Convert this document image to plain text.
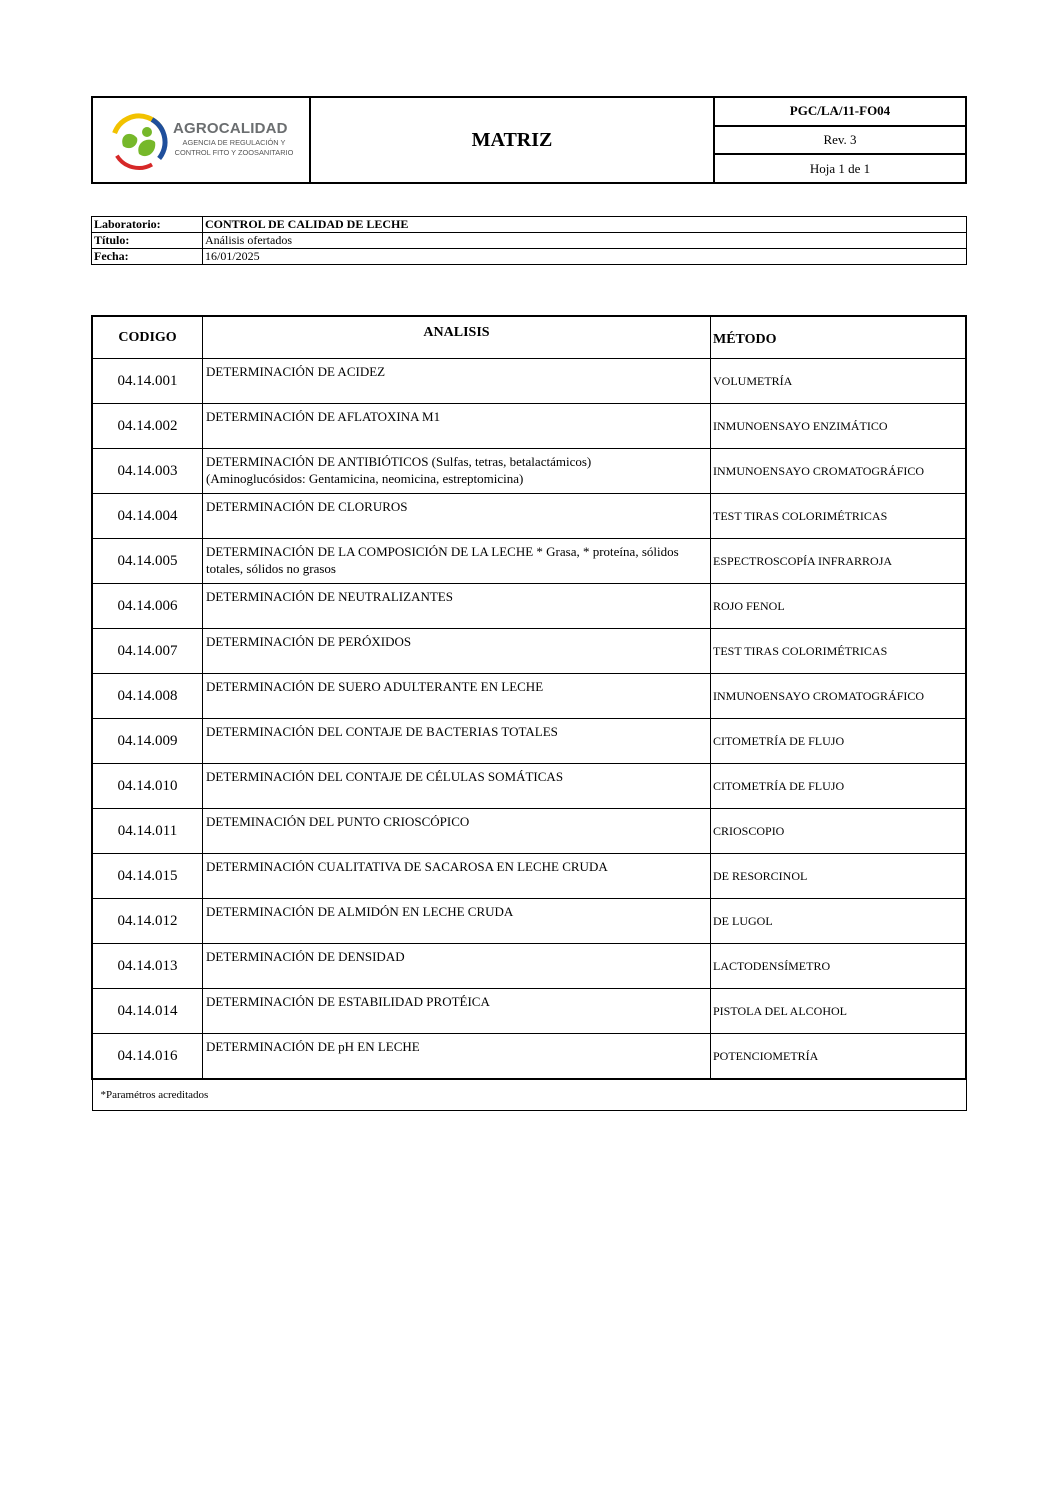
AGROCALIDAD
AGENCIA DE REGULACIÓN Y
CONTROL FITO Y ZOOSANITARIO
MATRIZ
PGC/LA/11-FO04
Rev. 3
Hoja 1 de 1
Laboratorio:	CONTROL DE CALIDAD DE LECHE
Título:	Análisis ofertados
Fecha:	16/01/2025
CODIGO	ANALISIS	MÉTODO
04.14.001	DETERMINACIÓN DE ACIDEZ	VOLUMETRÍA
04.14.002	DETERMINACIÓN DE AFLATOXINA M1	INMUNOENSAYO ENZIMÁTICO
04.14.003	DETERMINACIÓN DE ANTIBIÓTICOS (Sulfas, tetras, betalactámicos)
(Aminoglucósidos: Gentamicina, neomicina, estreptomicina)	INMUNOENSAYO CROMATOGRÁFICO
04.14.004	DETERMINACIÓN DE CLORUROS	TEST TIRAS COLORIMÉTRICAS
04.14.005	DETERMINACIÓN DE LA COMPOSICIÓN DE LA LECHE * Grasa, * proteína, sólidos totales, sólidos no grasos	ESPECTROSCOPÍA INFRARROJA
04.14.006	DETERMINACIÓN DE NEUTRALIZANTES	ROJO FENOL
04.14.007	DETERMINACIÓN DE PERÓXIDOS	TEST TIRAS COLORIMÉTRICAS
04.14.008	DETERMINACIÓN DE SUERO ADULTERANTE EN LECHE	INMUNOENSAYO CROMATOGRÁFICO
04.14.009	DETERMINACIÓN DEL CONTAJE DE BACTERIAS TOTALES	CITOMETRÍA DE FLUJO
04.14.010	DETERMINACIÓN DEL CONTAJE DE CÉLULAS SOMÁTICAS	CITOMETRÍA DE FLUJO
04.14.011	DETEMINACIÓN DEL PUNTO CRIOSCÓPICO	CRIOSCOPIO
04.14.015	DETERMINACIÓN CUALITATIVA DE SACAROSA EN LECHE CRUDA	DE RESORCINOL
04.14.012	DETERMINACIÓN DE ALMIDÓN EN LECHE CRUDA	DE LUGOL
04.14.013	DETERMINACIÓN DE DENSIDAD	LACTODENSÍMETRO
04.14.014	DETERMINACIÓN DE ESTABILIDAD PROTÉICA	PISTOLA DEL ALCOHOL
04.14.016	DETERMINACIÓN DE pH EN LECHE	POTENCIOMETRÍA
*Paramétros acreditados		
